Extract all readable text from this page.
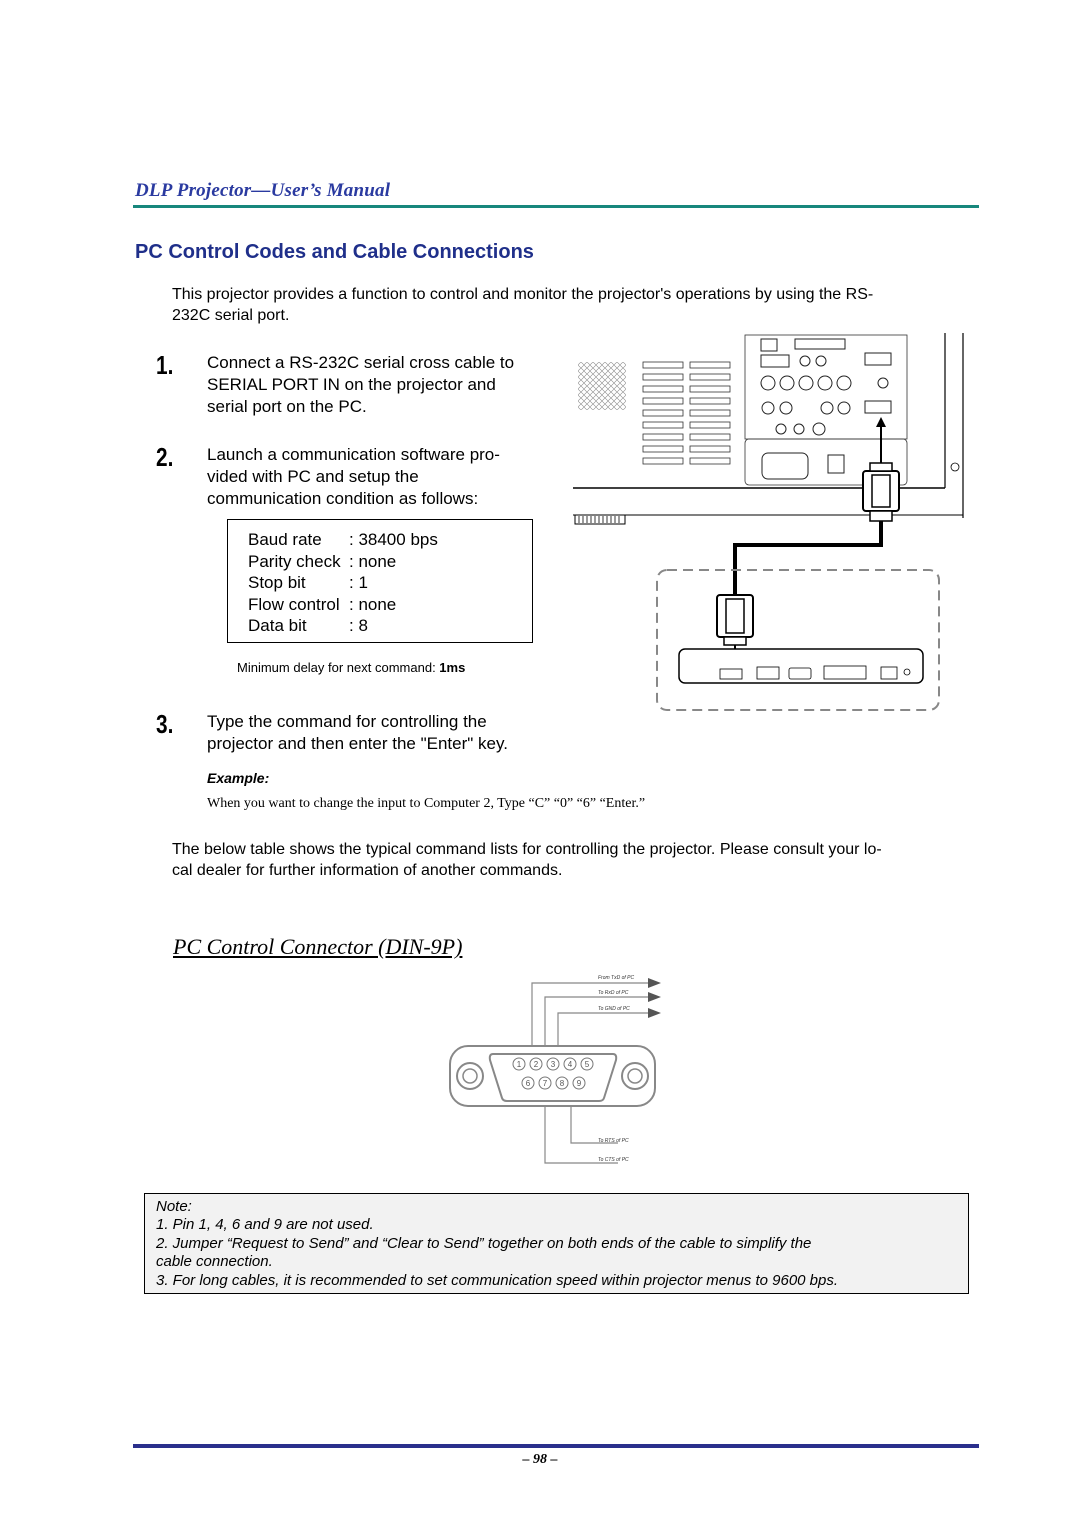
DLP Projector—User’s Manual
PC Control Codes and Cable Connections
This projector provides a function to control and monitor the projector's operations by using the RS-
232C serial port.
1. Connect a RS-232C serial cross cable to
SERIAL PORT IN on the projector and
serial port on the PC.
2. Launch a communication software pro-
vided with PC and setup the
communication condition as follows:
Baud rate	: 38400 bps
Parity check : none
Stop bit	: 1
Flow control : none
Data bit	: 8
Minimum delay for next command: 1ms
3. Type the command for controlling the
projector and then enter the "Enter" key.
Example:
When you want to change the input to Computer 2, Type “C” “0” “6” “Enter.”
The below table shows the typical command lists for controlling the projector. Please consult your lo-
cal dealer for further information of another commands.
PC Control Connector (DIN-9P)
From TxD of PC
To RxD of PC
To GND of PC
To RTS of PC
To CTS of PC
1 2 3 4 5
6 7 8 9
Note:
1. Pin 1, 4, 6 and 9 are not used.
2. Jumper “Request to Send” and “Clear to Send” together on both ends of the cable to simplify the
cable connection.
3. For long cables, it is recommended to set communication speed within projector menus to 9600 bps.
– 98 –
